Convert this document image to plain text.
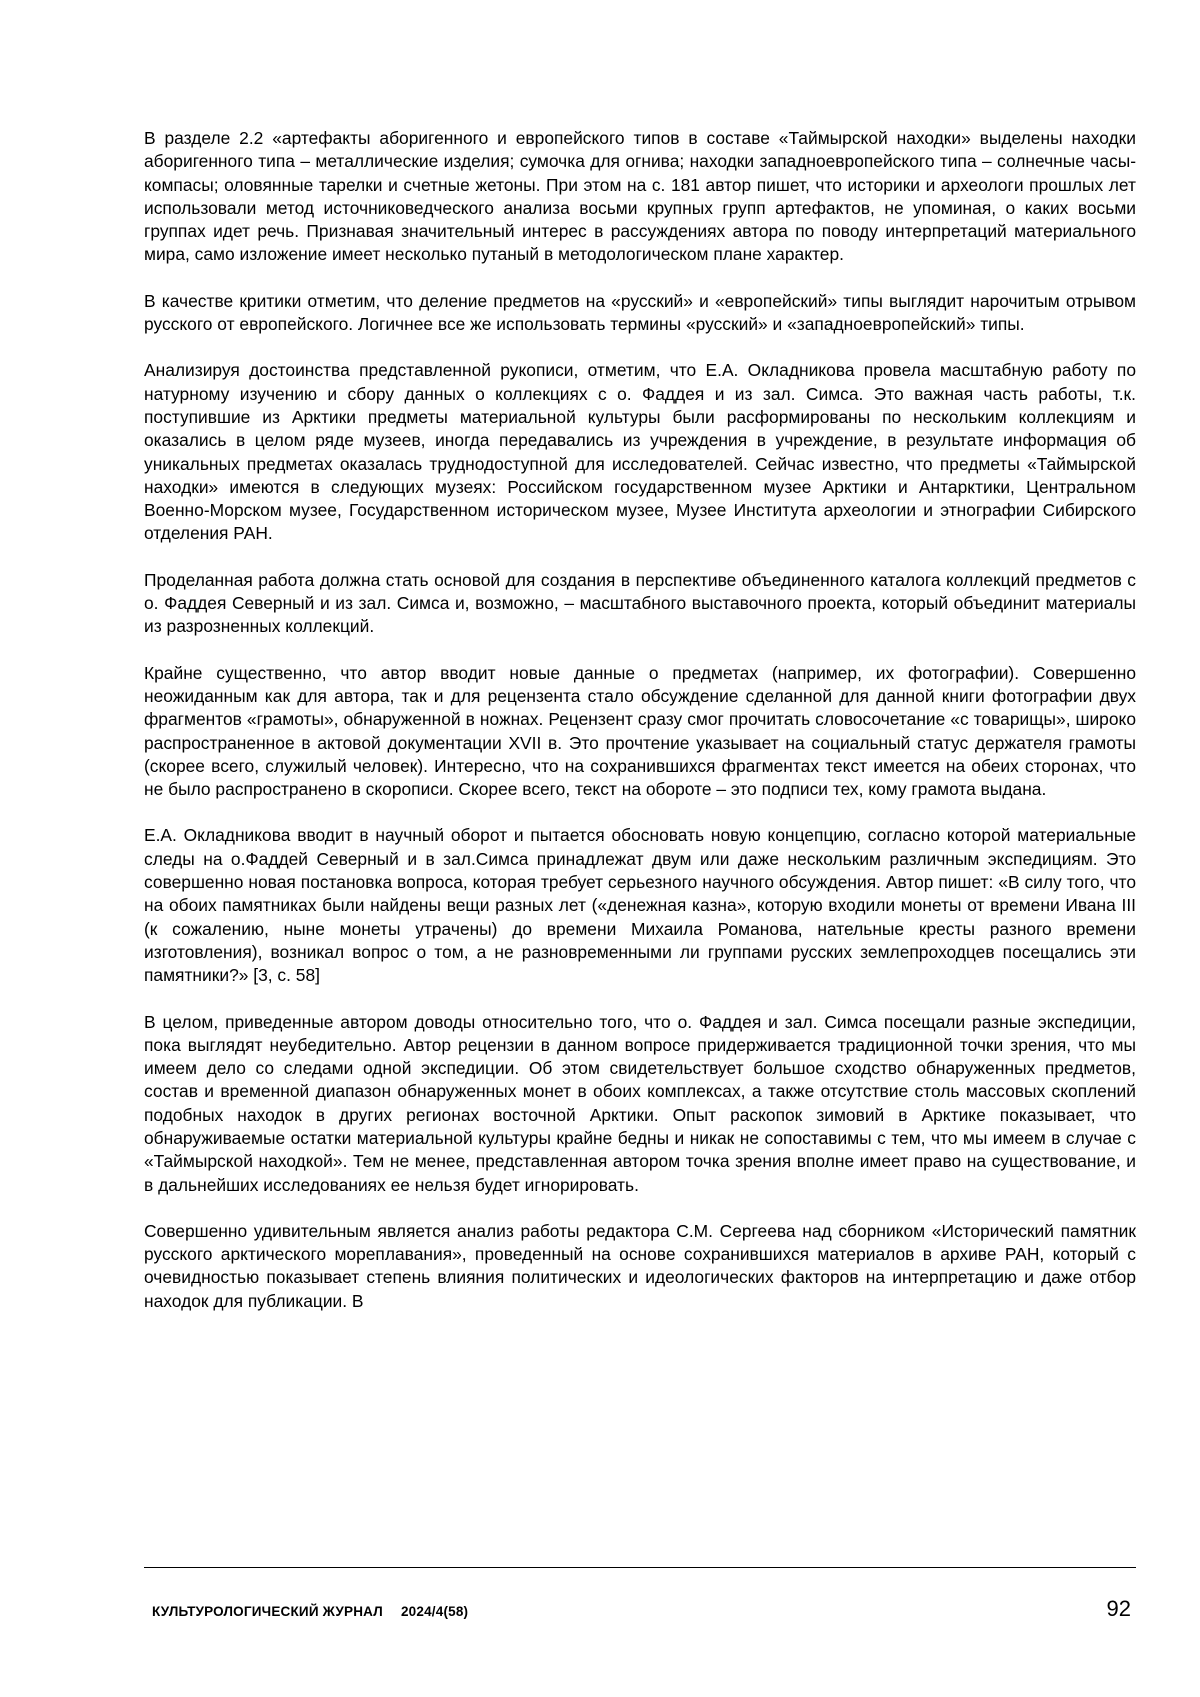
В разделе 2.2 «артефакты аборигенного и европейского типов в составе «Таймырской находки» выделены находки аборигенного типа – металлические изделия; сумочка для огнива; находки западноевропейского типа – солнечные часы-компасы; оловянные тарелки и счетные жетоны. При этом на с. 181 автор пишет, что историки и археологи прошлых лет использовали метод источниковедческого анализа восьми крупных групп артефактов, не упоминая, о каких восьми группах идет речь. Признавая значительный интерес в рассуждениях автора по поводу интерпретаций материального мира, само изложение имеет несколько путаный в методологическом плане характер.

В качестве критики отметим, что деление предметов на «русский» и «европейский» типы выглядит нарочитым отрывом русского от европейского. Логичнее все же использовать термины «русский» и «западноевропейский» типы.

Анализируя достоинства представленной рукописи, отметим, что Е.А. Окладникова провела масштабную работу по натурному изучению и сбору данных о коллекциях с о. Фаддея и из зал. Симса. Это важная часть работы, т.к. поступившие из Арктики предметы материальной культуры были расформированы по нескольким коллекциям и оказались в целом ряде музеев, иногда передавались из учреждения в учреждение, в результате информация об уникальных предметах оказалась труднодоступной для исследователей. Сейчас известно, что предметы «Таймырской находки» имеются в следующих музеях: Российском государственном музее Арктики и Антарктики, Центральном Военно-Морском музее, Государственном историческом музее, Музее Института археологии и этнографии Сибирского отделения РАН.

Проделанная работа должна стать основой для создания в перспективе объединенного каталога коллекций предметов с о. Фаддея Северный и из зал. Симса и, возможно, – масштабного выставочного проекта, который объединит материалы из разрозненных коллекций.

Крайне существенно, что автор вводит новые данные о предметах (например, их фотографии). Совершенно неожиданным как для автора, так и для рецензента стало обсуждение сделанной для данной книги фотографии двух фрагментов «грамоты», обнаруженной в ножнах. Рецензент сразу смог прочитать словосочетание «с товарищы», широко распространенное в актовой документации XVII в. Это прочтение указывает на социальный статус держателя грамоты (скорее всего, служилый человек). Интересно, что на сохранившихся фрагментах текст имеется на обеих сторонах, что не было распространено в скорописи. Скорее всего, текст на обороте – это подписи тех, кому грамота выдана.

Е.А. Окладникова вводит в научный оборот и пытается обосновать новую концепцию, согласно которой материальные следы на о.Фаддей Северный и в зал.Симса принадлежат двум или даже нескольким различным экспедициям. Это совершенно новая постановка вопроса, которая требует серьезного научного обсуждения. Автор пишет: «В силу того, что на обоих памятниках были найдены вещи разных лет («денежная казна», которую входили монеты от времени Ивана III (к сожалению, ныне монеты утрачены) до времени Михаила Романова, нательные кресты разного времени изготовления), возникал вопрос о том, а не разновременными ли группами русских землепроходцев посещались эти памятники?» [3, с. 58]

В целом, приведенные автором доводы относительно того, что о. Фаддея и зал. Симса посещали разные экспедиции, пока выглядят неубедительно. Автор рецензии в данном вопросе придерживается традиционной точки зрения, что мы имеем дело со следами одной экспедиции. Об этом свидетельствует большое сходство обнаруженных предметов, состав и временной диапазон обнаруженных монет в обоих комплексах, а также отсутствие столь массовых скоплений подобных находок в других регионах восточной Арктики. Опыт раскопок зимовий в Арктике показывает, что обнаруживаемые остатки материальной культуры крайне бедны и никак не сопоставимы с тем, что мы имеем в случае с «Таймырской находкой». Тем не менее, представленная автором точка зрения вполне имеет право на существование, и в дальнейших исследованиях ее нельзя будет игнорировать.

Совершенно удивительным является анализ работы редактора С.М. Сергеева над сборником «Исторический памятник русского арктического мореплавания», проведенный на основе сохранившихся материалов в архиве РАН, который с очевидностью показывает степень влияния политических и идеологических факторов на интерпретацию и даже отбор находок для публикации. В

КУЛЬТУРОЛОГИЧЕСКИЙ ЖУРНАЛ 2024/4(58)	92
